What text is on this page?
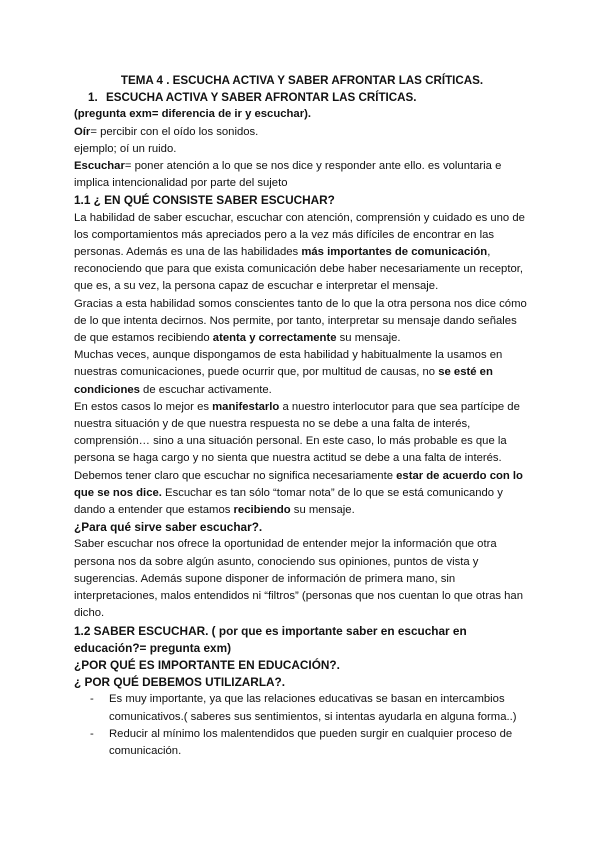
TEMA 4 . ESCUCHA ACTIVA Y SABER AFRONTAR LAS CRÍTICAS.

1. ESCUCHA ACTIVA Y SABER AFRONTAR LAS CRÍTICAS.

(pregunta exm= diferencia de ir y escuchar).

Oír= percibir con el oído los sonidos.

ejemplo; oí un ruido.

Escuchar= poner atención a lo que se nos dice y responder ante ello. es voluntaria e implica intencionalidad por parte del sujeto

1.1 ¿ EN QUÉ CONSISTE SABER ESCUCHAR?

La habilidad de saber escuchar, escuchar con atención, comprensión y cuidado es uno de los comportamientos más apreciados pero a la vez más difíciles de encontrar en las personas. Además es una de las habilidades más importantes de comunicación, reconociendo que para que exista comunicación debe haber necesariamente un receptor, que es, a su vez, la persona capaz de escuchar e interpretar el mensaje.

Gracias a esta habilidad somos conscientes tanto de lo que la otra persona nos dice cómo de lo que intenta decirnos. Nos permite, por tanto, interpretar su mensaje dando señales de que estamos recibiendo atenta y correctamente su mensaje.

Muchas veces, aunque dispongamos de esta habilidad y habitualmente la usamos en nuestras comunicaciones, puede ocurrir que, por multitud de causas, no se esté en condiciones de escuchar activamente.

En estos casos lo mejor es manifestarlo a nuestro interlocutor para que sea partícipe de nuestra situación y de que nuestra respuesta no se debe a una falta de interés, comprensión… sino a una situación personal. En este caso, lo más probable es que la persona se haga cargo y no sienta que nuestra actitud se debe a una falta de interés.

Debemos tener claro que escuchar no significa necesariamente estar de acuerdo con lo que se nos dice. Escuchar es tan sólo “tomar nota” de lo que se está comunicando y dando a entender que estamos recibiendo su mensaje.

¿Para qué sirve saber escuchar?.

Saber escuchar nos ofrece la oportunidad de entender mejor la información que otra persona nos da sobre algún asunto, conociendo sus opiniones, puntos de vista y sugerencias. Además supone disponer de información de primera mano, sin interpretaciones, malos entendidos ni “filtros” (personas que nos cuentan lo que otras han dicho.

1.2 SABER ESCUCHAR. ( por que es importante saber en escuchar en educación?= pregunta exm)

¿POR QUÉ ES IMPORTANTE EN EDUCACIÓN?.

¿ POR QUÉ DEBEMOS UTILIZARLA?.

- Es muy importante, ya que las relaciones educativas se basan en intercambios comunicativos.( saberes sus sentimientos, si intentas ayudarla en alguna forma..)
- Reducir al mínimo los malentendidos que pueden surgir en cualquier proceso de comunicación.
